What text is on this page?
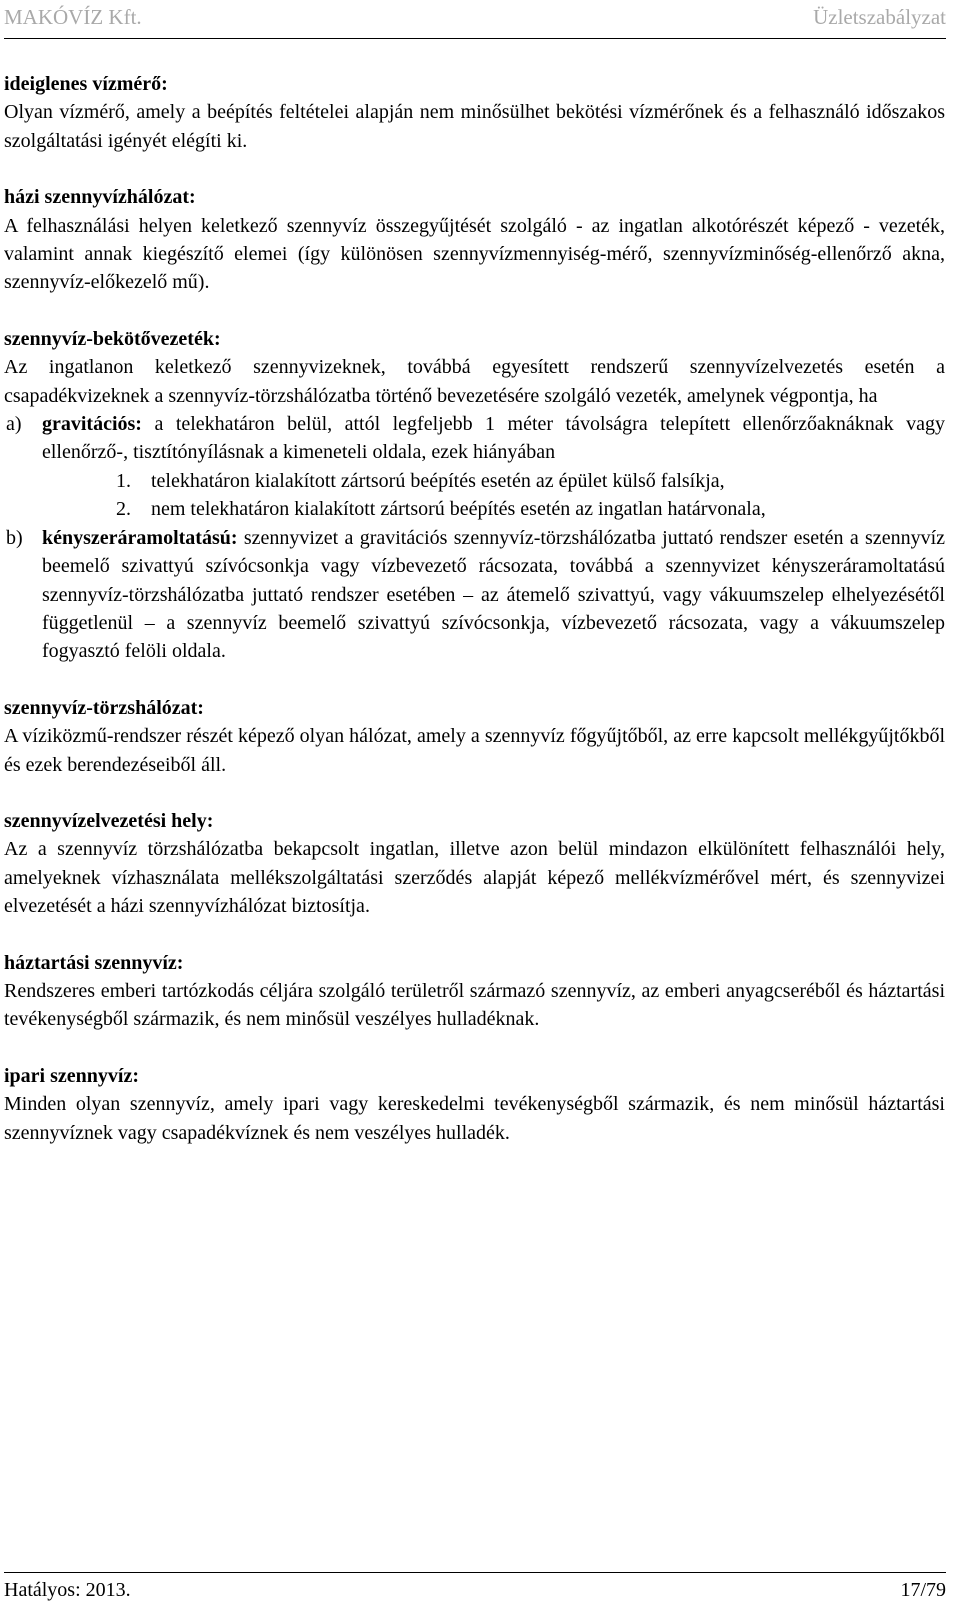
MAKÓVÍZ Kft.	Üzletszabályzat
ideiglenes vízmérő:
Olyan vízmérő, amely a beépítés feltételei alapján nem minősülhet bekötési vízmérőnek és a felhasználó időszakos szolgáltatási igényét elégíti ki.
házi szennyvízhálózat:
A felhasználási helyen keletkező szennyvíz összegyűjtését szolgáló - az ingatlan alkotórészét képező - vezeték, valamint annak kiegészítő elemei (így különösen szennyvízmennyiség-mérő, szennyvízminőség-ellenőrző akna, szennyvíz-előkezelő mű).
szennyvíz-bekötővezeték:
Az ingatlanon keletkező szennyvizeknek, továbbá egyesített rendszerű szennyvízelvezetés esetén a csapadékvizeknek a szennyvíz-törzshálózatba történő bevezetésére szolgáló vezeték, amelynek végpontja, ha
a)	gravitációs: a telekhatáron belül, attól legfeljebb 1 méter távolságra telepített ellenőrzőaknáknak vagy ellenőrző-, tisztítónyílásnak a kimeneteli oldala, ezek hiányában
1.	telekhatáron kialakított zártsorú beépítés esetén az épület külső falsíkja,
2.	nem telekhatáron kialakított zártsorú beépítés esetén az ingatlan határvonala,
b) kényszeráramoltatású: szennyvizet a gravitációs szennyvíz-törzshálózatba juttató rendszer esetén a szennyvíz beemelő szivattyú szívócsonkja vagy vízbevezető rácsozata, továbbá a szennyvizet kényszeráramoltatású szennyvíz-törzshálózatba juttató rendszer esetében – az átemelő szivattyú, vagy vákuumszelep elhelyezésétől függetlenül – a szennyvíz beemelő szivattyú szívócsonkja, vízbevezető rácsozata, vagy a vákuumszelep fogyasztó felöli oldala.
szennyvíz-törzshálózat:
A víziközmű-rendszer részét képező olyan hálózat, amely a szennyvíz főgyűjtőből, az erre kapcsolt mellékgyűjtőkből és ezek berendezéseiből áll.
szennyvízelvezetési hely:
Az a szennyvíz törzshálózatba bekapcsolt ingatlan, illetve azon belül mindazon elkülönített felhasználói hely, amelyeknek vízhasználata mellékszolgáltatási szerződés alapját képező mellékvízmérővel mért, és szennyvizei elvezetését a házi szennyvízhálózat biztosítja.
háztartási szennyvíz:
Rendszeres emberi tartózkodás céljára szolgáló területről származó szennyvíz, az emberi anyagcseréből és háztartási tevékenységből származik, és nem minősül veszélyes hulladéknak.
ipari szennyvíz:
Minden olyan szennyvíz, amely ipari vagy kereskedelmi tevékenységből származik, és nem minősül háztartási szennyvíznek vagy csapadékvíznek és nem veszélyes hulladék.
Hatályos: 2013.	17/79
